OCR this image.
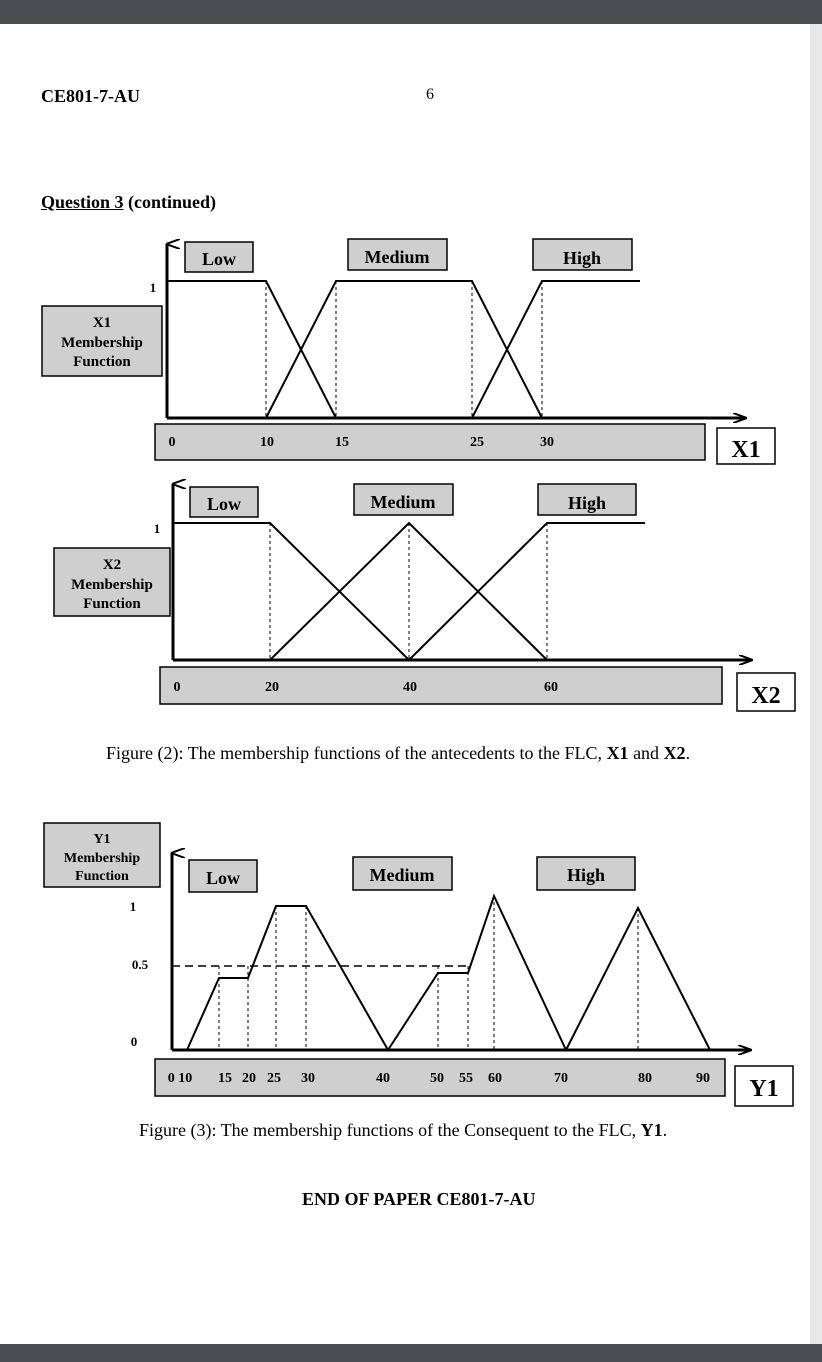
CE801-7-AU	6
Question 3 (continued)
1
X1
Membership
Function
Low	Medium	High
0	10	15	25	30	X1
1
X2
Membership
Function
Low	Medium	High
0	20	40	60	X2
Y1
Membership
Function
1
0.5
0
Low	Medium	High
0 10 15 20 25 30	40	50 55 60	70	80	90 Y1
Figure (2): The membership functions of the antecedents to the FLC, X1 and X2.
Figure (3): The membership functions of the Consequent to the FLC, Y1.
END OF PAPER CE801-7-AU
